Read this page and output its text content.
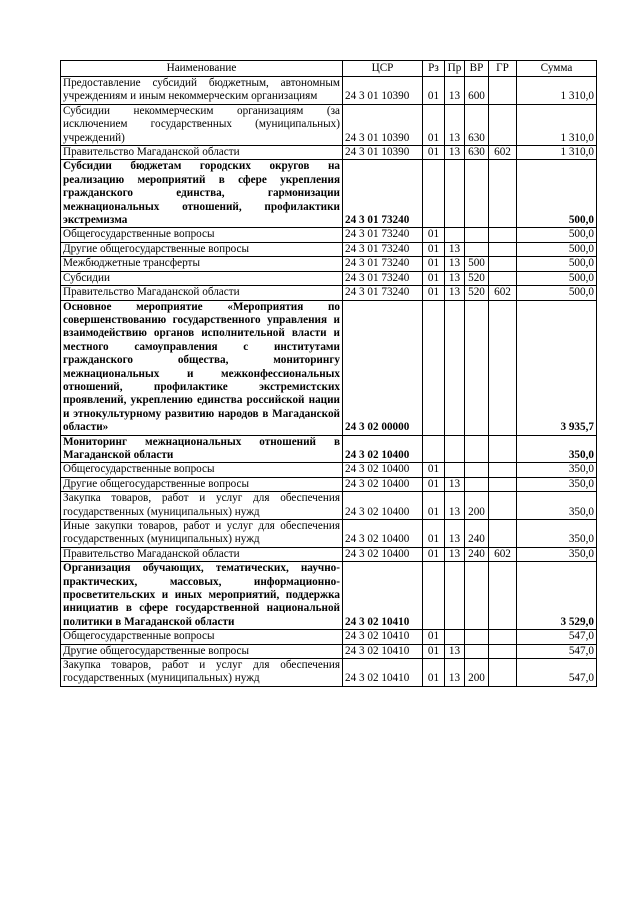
Наименование	ЦСР	Рз	Пр	ВР	ГР	Сумма
Предоставление субсидий бюджетным, автономным учреждениям и иным некоммерческим организациям	24 3 01 10390	01	13	600		1 310,0
Субсидии некоммерческим организациям (за исключением государственных (муниципальных) учреждений)	24 3 01 10390	01	13	630		1 310,0
Правительство Магаданской области	24 3 01 10390	01	13	630	602	1 310,0
Субсидии бюджетам городских округов на реализацию мероприятий в сфере укрепления гражданского единства, гармонизации межнациональных отношений, профилактики экстремизма	24 3 01 73240					500,0
Общегосударственные вопросы	24 3 01 73240	01				500,0
Другие общегосударственные вопросы	24 3 01 73240	01	13			500,0
Межбюджетные трансферты	24 3 01 73240	01	13	500		500,0
Субсидии	24 3 01 73240	01	13	520		500,0
Правительство Магаданской области	24 3 01 73240	01	13	520	602	500,0
Основное мероприятие «Мероприятия по совершенствованию государственного управления и взаимодействию органов исполнительной власти и местного самоуправления с институтами гражданского общества, мониторингу межнациональных и межконфессиональных отношений, профилактике экстремистских проявлений, укреплению единства российской нации и этнокультурному развитию народов в Магаданской области»	24 3 02 00000					3 935,7
Мониторинг межнациональных отношений в Магаданской области	24 3 02 10400					350,0
Общегосударственные вопросы	24 3 02 10400	01				350,0
Другие общегосударственные вопросы	24 3 02 10400	01	13			350,0
Закупка товаров, работ и услуг для обеспечения государственных (муниципальных) нужд	24 3 02 10400	01	13	200		350,0
Иные закупки товаров, работ и услуг для обеспечения государственных (муниципальных) нужд	24 3 02 10400	01	13	240		350,0
Правительство Магаданской области	24 3 02 10400	01	13	240	602	350,0
Организация обучающих, тематических, научно-практических, массовых, информационно-просветительских и иных мероприятий, поддержка инициатив в сфере государственной национальной политики в Магаданской области	24 3 02 10410					3 529,0
Общегосударственные вопросы	24 3 02 10410	01				547,0
Другие общегосударственные вопросы	24 3 02 10410	01	13			547,0
Закупка товаров, работ и услуг для обеспечения государственных (муниципальных) нужд	24 3 02 10410	01	13	200		547,0
